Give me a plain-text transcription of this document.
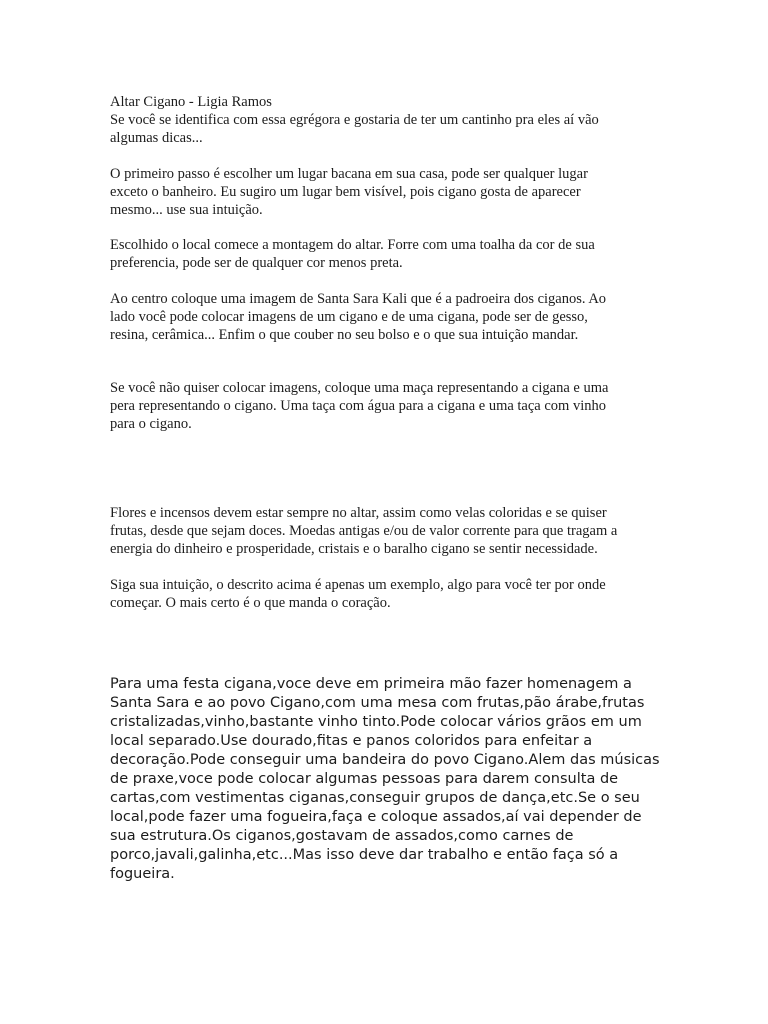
Altar Cigano - Ligia Ramos
Se você se identifica com essa egrégora e gostaria de ter um cantinho pra eles aí vão
algumas dicas...
O primeiro passo é escolher um lugar bacana em sua casa, pode ser qualquer lugar
exceto o banheiro. Eu sugiro um lugar bem visível, pois cigano gosta de aparecer
mesmo... use sua intuição.
Escolhido o local comece a montagem do altar. Forre com uma toalha da cor de sua
preferencia, pode ser de qualquer cor menos preta.
Ao centro coloque uma imagem de Santa Sara Kali que é a padroeira dos ciganos. Ao
lado você pode colocar imagens de um cigano e de uma cigana, pode ser de gesso,
resina, cerâmica... Enfim o que couber no seu bolso e o que sua intuição mandar.
Se você não quiser colocar imagens, coloque uma maça representando a cigana e uma
pera representando o cigano. Uma taça com água para a cigana e uma taça com vinho
para o cigano.
Flores e incensos devem estar sempre no altar, assim como velas coloridas e se quiser
frutas, desde que sejam doces. Moedas antigas e/ou de valor corrente para que tragam a
energia do dinheiro e prosperidade, cristais e o baralho cigano se sentir necessidade.
Siga sua intuição, o descrito acima é apenas um exemplo, algo para você ter por onde
começar. O mais certo é o que manda o coração.
Para uma festa cigana,voce deve em primeira mão fazer homenagem a
Santa Sara e ao povo Cigano,com uma mesa com frutas,pão árabe,frutas
cristalizadas,vinho,bastante vinho tinto.Pode colocar vários grãos em um
local separado.Use dourado,fitas e panos coloridos para enfeitar a
decoração.Pode conseguir uma bandeira do povo Cigano.Alem das músicas
de praxe,voce pode colocar algumas pessoas para darem consulta de
cartas,com vestimentas ciganas,conseguir grupos de dança,etc.Se o seu
local,pode fazer uma fogueira,faça e coloque assados,aí vai depender de
sua estrutura.Os ciganos,gostavam de assados,como carnes de
porco,javali,galinha,etc...Mas isso deve dar trabalho e então faça só a
fogueira.
